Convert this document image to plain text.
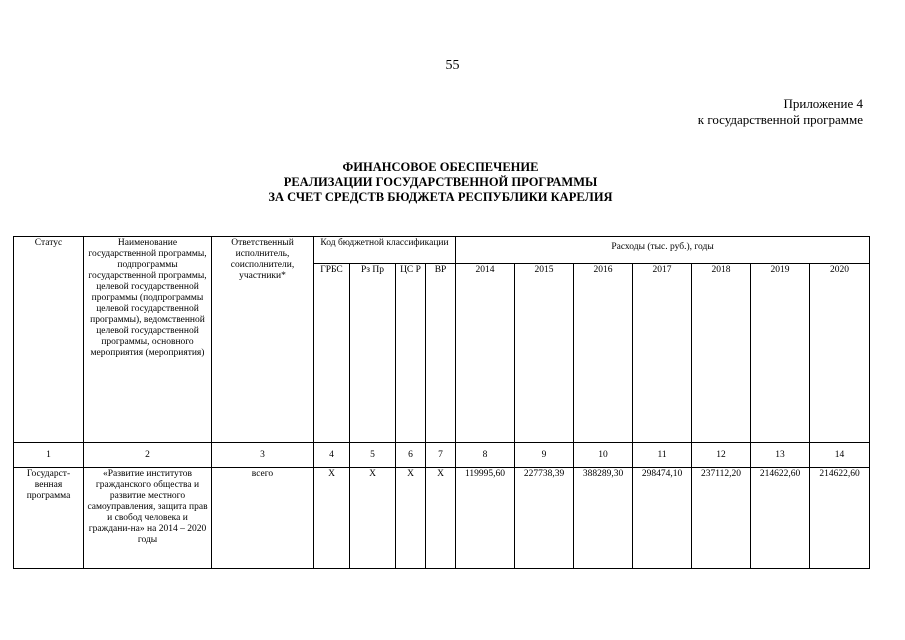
55
Приложение 4
к государственной программе
ФИНАНСОВОЕ ОБЕСПЕЧЕНИЕ
РЕАЛИЗАЦИИ ГОСУДАРСТВЕННОЙ ПРОГРАММЫ
ЗА СЧЕТ СРЕДСТВ БЮДЖЕТА РЕСПУБЛИКИ КАРЕЛИЯ
Статус	Наименование государственной программы, подпрограммы государственной программы, целевой государственной программы (подпрограммы целевой государственной программы), ведомственной целевой государственной программы, основного мероприятия (мероприятия)	Ответственный исполнитель, соисполнители, участники*	Код бюджетной классификации				Расходы (тыс. руб.), годы						
			ГРБС	Рз Пр	ЦС Р	ВР	2014	2015	2016	2017	2018	2019	2020
1	2	3	4	5	6	7	8	9	10	11	12	13	14
Государст-венная программа	«Развитие институтов гражданского общества и развитие местного самоуправления, защита прав и свобод человека и граждани-на» на 2014 – 2020 годы	всего	Х	Х	Х	Х	119995,60	227738,39	388289,30	298474,10	237112,20	214622,60	214622,60
